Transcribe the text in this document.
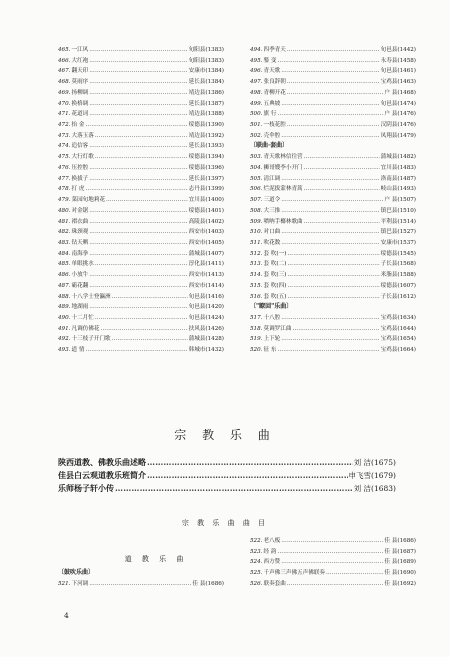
465. 一江风 ……………………………………………………………………………………………………	旬阳县 (1383)
466. 大红袍 ……………………………………………………………………………………………………	旬阳县 (1383)
467. 翻天印 ……………………………………………………………………………………………………	安康市 (1384)
468. 莫雨序 ……………………………………………………………………………………………………	延长县 (1384)
469. 扬柳调 ……………………………………………………………………………………………………	靖边县 (1386)
470. 换格调 ……………………………………………………………………………………………………	延长县 (1387)
471. 花道词 ……………………………………………………………………………………………………	靖边县 (1388)
472. 抬 金 ……………………………………………………………………………………………………	绥德县 (1390)
473. 大落玉落 ……………………………………………………………………………………………………	靖边县 (1392)
474. 追信客 ……………………………………………………………………………………………………	延长县 (1393)
475. 大行灯歌 ……………………………………………………………………………………………………	绥德县 (1394)
476. 压控腔 ……………………………………………………………………………………………………	绥德县 (1396)
477. 换拔子 ……………………………………………………………………………………………………	延长县 (1397)
478. 打 虎 ……………………………………………………………………………………………………	志丹县 (1399)
479. 菜园旬地莉花 ……………………………………………………………………………………………………	宜川县 (1400)
480. 对金锯 ……………………………………………………………………………………………………	绥德县 (1401)
481. 褶衣曲 ……………………………………………………………………………………………………	高陵县 (1402)
482. 珠颈观 ……………………………………………………………………………………………………	西安市 (1403)
483. 钻天晒 ……………………………………………………………………………………………………	西安市 (1405)
484. 南海拳 ……………………………………………………………………………………………………	蒲城县 (1407)
485. 单眼挑水 ……………………………………………………………………………………………………	淳化县 (1411)
486. 小放牛 ……………………………………………………………………………………………………	西安市 (1413)
487. 霸花翻 ……………………………………………………………………………………………………	西安市 (1414)
488. 十八学士登瀛洲 ……………………………………………………………………………………………………	旬邑县 (1416)
489. 地湖雨 ……………………………………………………………………………………………………	旬邑县 (1420)
490. 十二月忙 ……………………………………………………………………………………………………	旬邑县 (1424)
491. 凡调仿佛花 ……………………………………………………………………………………………………	扶风县 (1426)
492. 十三枝子开门歌 ……………………………………………………………………………………………………	蒲城县 (1428)
493. 道 情 ……………………………………………………………………………………………………	韩城市 (1432)
494. 四季青天 ……………………………………………………………………………………………………	旬邑县 (1442)
495. 鏊 变 ……………………………………………………………………………………………………	永寿县 (1458)
496. 青天歌 ……………………………………………………………………………………………………	旬邑县 (1461)
497. 张良辞朝 ……………………………………………………………………………………………………	宝鸡县 (1463)
498. 青柳开花 ……………………………………………………………………………………………………	户 县 (1468)
499. 五典坡 ……………………………………………………………………………………………………	旬邑县 (1474)
500. 旗 行 ……………………………………………………………………………………………………	户 县 (1476)
501. 一枝花腔 ……………………………………………………………………………………………………	汉阴县 (1476)
502. 壳伞腔 ……………………………………………………………………………………………………	凤翔县 (1479)
〔联曲·套曲〕
503. 青天歌林信往营 ……………………………………………………………………………………………………	蒲城县 (1482)
504. 狮哥嫂李小开门 ……………………………………………………………………………………………………	宜川县 (1483)
505. 清江调 ……………………………………………………………………………………………………	洛南县 (1487)
506. 烂泥拔蒙林青蒿 ……………………………………………………………………………………………………	岐山县 (1493)
507. 三道令 ……………………………………………………………………………………………………	户 县 (1507)
508. 大三推 ……………………………………………………………………………………………………	镇巴县 (1510)
509. 喷呐手椰林歌曲 ……………………………………………………………………………………………………	平利县 (1514)
510. 对口曲 ……………………………………………………………………………………………………	镇巴县 (1527)
511. 吹花数 ……………………………………………………………………………………………………	安康市 (1537)
512. 套 吹(一) ……………………………………………………………………………………………………	绥德县 (1545)
513. 套 吹(二) ……………………………………………………………………………………………………	子长县 (1568)
514. 套 吹(三) ……………………………………………………………………………………………………	米脂县 (1588)
515. 套 吹(四) ……………………………………………………………………………………………………	绥德县 (1607)
516. 套 吹(五) ……………………………………………………………………………………………………	子长县 (1612)
〔"瞭回"乐曲〕
517. 十八腔 ……………………………………………………………………………………………………	宝鸡县 (1634)
518. 莫调罗江曲 ……………………………………………………………………………………………………	宝鸡县 (1644)
519. 上下轮 ……………………………………………………………………………………………………	宝鸡县 (1654)
520. 征 东 ……………………………………………………………………………………………………	宝鸡县 (1664)
宗 教 乐 曲
陕西道教、佛教乐曲述略 ……………………………………………………………………………………………………	刘 洁 (1675)
佳县白云观道教乐班简介 ……………………………………………………………………………………………………	申飞雪 (1679)
乐师杨子轩小传 ……………………………………………………………………………………………………	刘 洁 (1683)
宗 教 乐 曲 曲 目
道 教 乐 曲
〔鼓吹乐曲〕
521. 下河调 ……………………………………………………………………………………………………	佳 县 (1686)
522. 老八板 ……………………………………………………………………………………………………	佳 县 (1686)
523. 经 韵 ……………………………………………………………………………………………………	佳 县 (1687)
524. 西方赞 ……………………………………………………………………………………………………	佳 县 (1689)
525. 千声佛三声佛五声佛联奏 ……………………………………………………………………………………………………	佳 县 (1690)
526. 联奏套曲 ……………………………………………………………………………………………………	佳 县 (1692)
4
